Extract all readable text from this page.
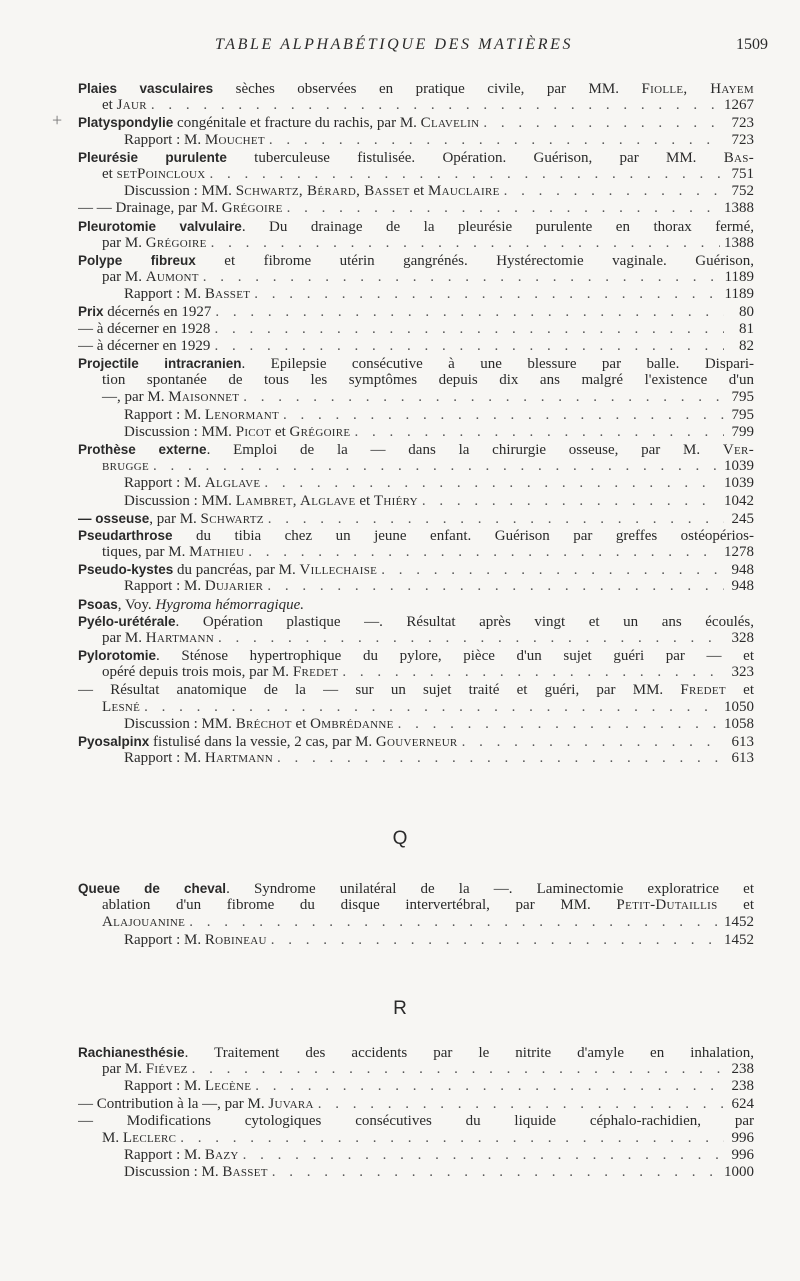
TABLE ALPHABÉTIQUE DES MATIÈRES	1509
+
Plaies vasculaires sèches observées en pratique civile, par MM. Fiolle, Hayem
et Jaur . . .	1267
Platyspondylie congénitale et fracture du rachis, par M. Clavelin . . .	723
Rapport : M. Mouchet . . .	723
Pleurésie purulente tuberculeuse fistulisée. Opération. Guérison, par MM. Bas-
et setPoincloux . . .	751
Discussion : MM. Schwartz, Bérard, Basset et Mauclaire . . .	752
— — Drainage, par M. Grégoire . . .	1388
Pleurotomie valvulaire. Du drainage de la pleurésie purulente en thorax fermé,
par M. Grégoire . . .	1388
Polype fibreux et fibrome utérin gangrénés. Hystérectomie vaginale. Guérison,
par M. Aumont . . .	1189
Rapport : M. Basset . . .	1189
Prix décernés en 1927 . . .	80
— à décerner en 1928 . . .	81
— à décerner en 1929 . . .	82
Projectile intracranien. Epilepsie consécutive à une blessure par balle. Dispari-
tion spontanée de tous les symptômes depuis dix ans malgré l'existence d'un
—, par M. Maisonnet . . .	795
Rapport : M. Lenormant . . .	795
Discussion : MM. Picot et Grégoire . . .	799
Prothèse externe. Emploi de la — dans la chirurgie osseuse, par M. Ver-
brugge . . .	1039
Rapport : M. Alglave . . .	1039
Discussion : MM. Lambret, Alglave et Thiéry . . .	1042
— osseuse, par M. Schwartz . . .	245
Pseudarthrose du tibia chez un jeune enfant. Guérison par greffes ostéopérios-
tiques, par M. Mathieu . . .	1278
Pseudo-kystes du pancréas, par M. Villechaise . . .	948
Rapport : M. Dujarier . . .	948
Psoas, Voy. Hygroma hémorragique.
Pyélo-urétérale. Opération plastique —. Résultat après vingt et un ans écoulés,
par M. Hartmann . . .	328
Pylorotomie. Sténose hypertrophique du pylore, pièce d'un sujet guéri par — et
opéré depuis trois mois, par M. Fredet . . .	323
— Résultat anatomique de la — sur un sujet traité et guéri, par MM. Fredet et
Lesné . . .	1050
Discussion : MM. Bréchot et Ombrédanne . . .	1058
Pyosalpinx fistulisé dans la vessie, 2 cas, par M. Gouverneur . . .	613
Rapport : M. Hartmann . . .	613
Q
Queue de cheval. Syndrome unilatéral de la —. Laminectomie exploratrice et
ablation d'un fibrome du disque intervertébral, par MM. Petit-Dutaillis et
Alajouanine . . .	1452
Rapport : M. Robineau . . .	1452
R
Rachianesthésie. Traitement des accidents par le nitrite d'amyle en inhalation,
par M. Fiévez . . .	238
Rapport : M. Lecène . . .	238
— Contribution à la —, par M. Juvara . . .	624
— Modifications cytologiques consécutives du liquide céphalo-rachidien, par
M. Leclerc . . .	996
Rapport : M. Bazy . . .	996
Discussion : M. Basset . . .	1000
